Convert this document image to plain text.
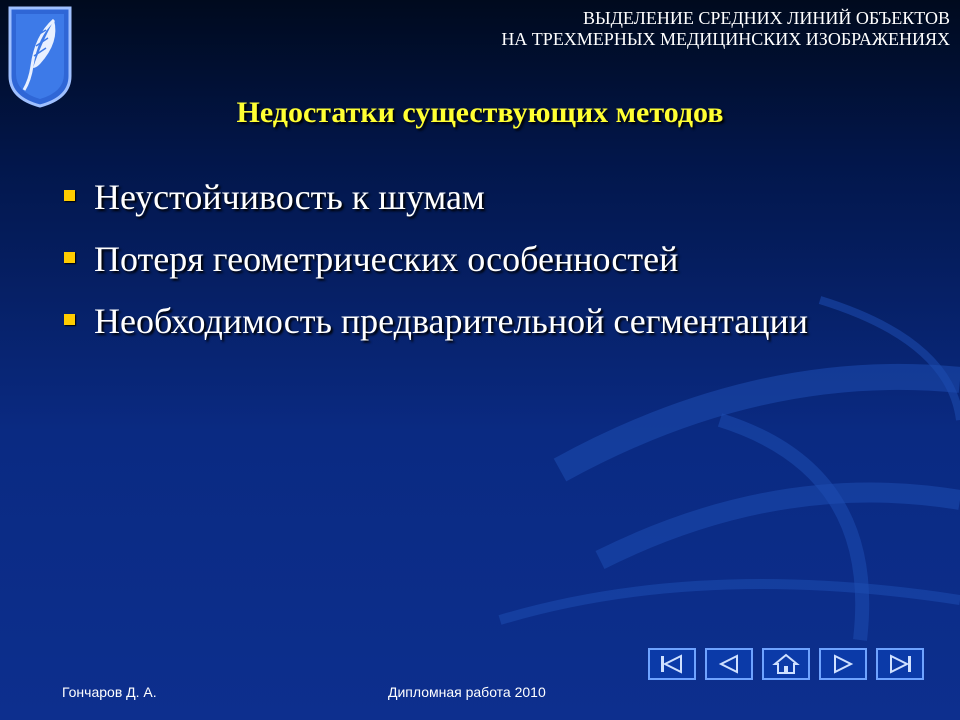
ВЫДЕЛЕНИЕ СРЕДНИХ ЛИНИЙ ОБЪЕКТОВ
НА ТРЕХМЕРНЫХ МЕДИЦИНСКИХ ИЗОБРАЖЕНИЯХ
Недостатки существующих методов
Неустойчивость к шумам
Потеря геометрических особенностей
Необходимость предварительной сегментации
Гончаров Д. А.	Дипломная работа 2010
